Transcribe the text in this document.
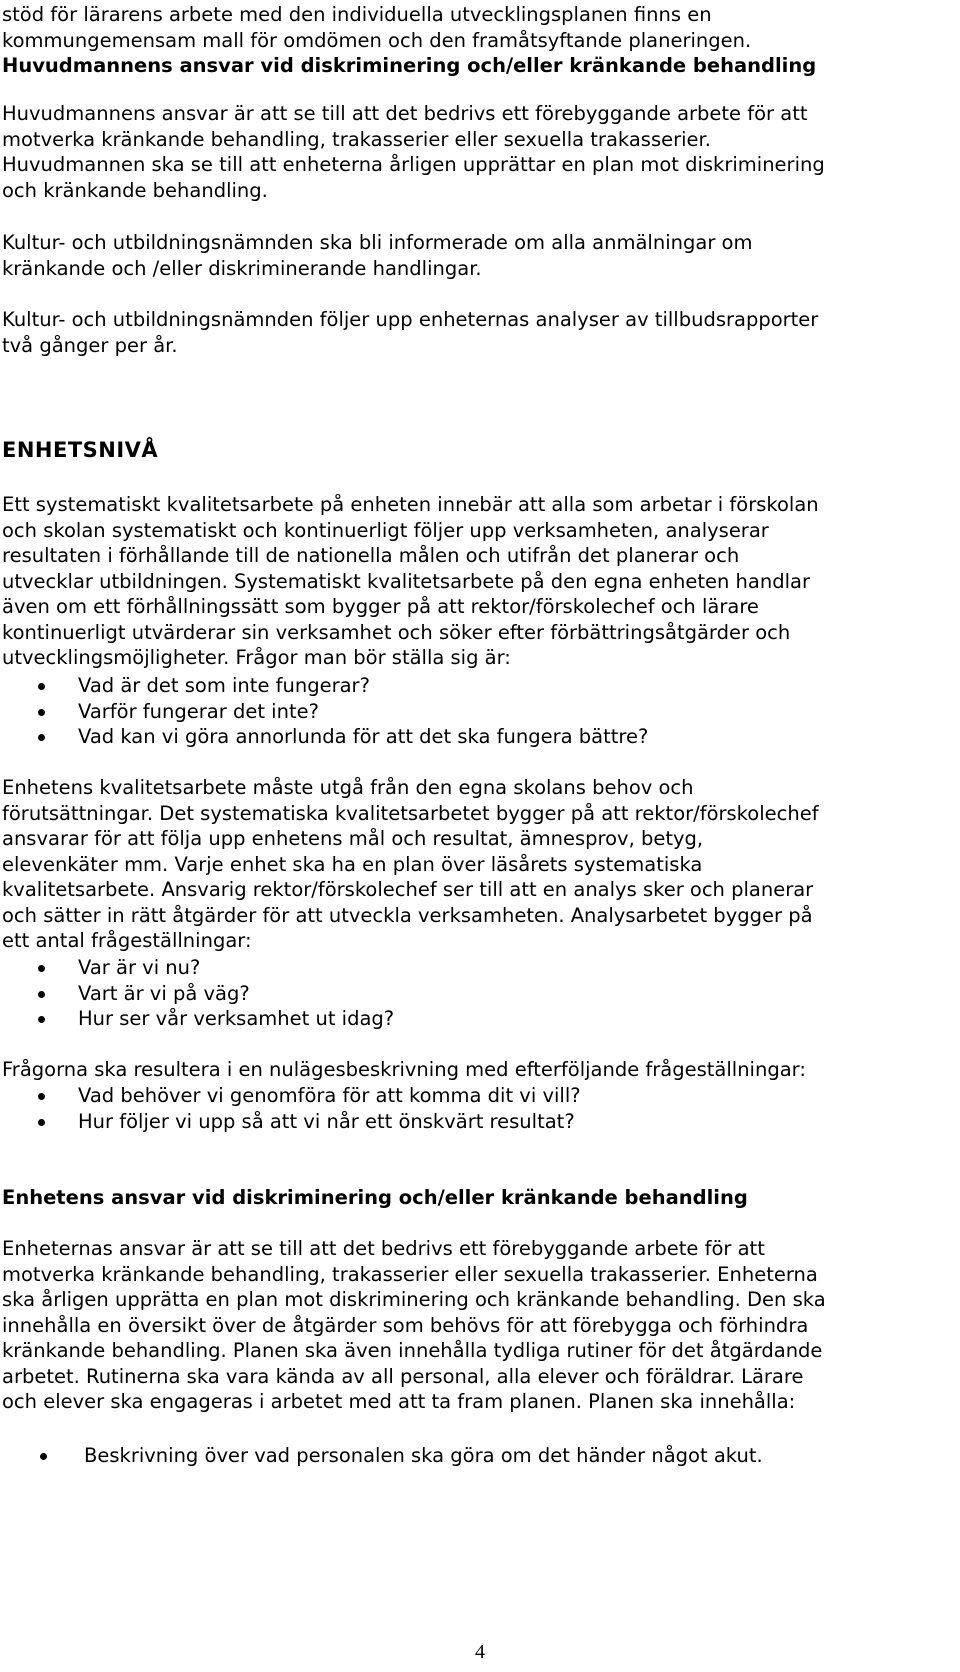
stöd för lärarens arbete med den individuella utvecklingsplanen finns en
kommungemensam mall för omdömen och den framåtsyftande planeringen.
Huvudmannens ansvar vid diskriminering och/eller kränkande behandling
Huvudmannens ansvar är att se till att det bedrivs ett förebyggande arbete för att
motverka kränkande behandling, trakasserier eller sexuella trakasserier.
Huvudmannen ska se till att enheterna årligen upprättar en plan mot diskriminering
och kränkande behandling.
Kultur- och utbildningsnämnden ska bli informerade om alla anmälningar om
kränkande och /eller diskriminerande handlingar.
Kultur- och utbildningsnämnden följer upp enheternas analyser av tillbudsrapporter
två gånger per år.
ENHETSNIVÅ
Ett systematiskt kvalitetsarbete på enheten innebär att alla som arbetar i förskolan
och skolan systematiskt och kontinuerligt följer upp verksamheten, analyserar
resultaten i förhållande till de nationella målen och utifrån det planerar och
utvecklar utbildningen. Systematiskt kvalitetsarbete på den egna enheten handlar
även om ett förhållningssätt som bygger på att rektor/förskolechef och lärare
kontinuerligt utvärderar sin verksamhet och söker efter förbättringsåtgärder och
utvecklingsmöjligheter. Frågor man bör ställa sig är:
Vad är det som inte fungerar?
Varför fungerar det inte?
Vad kan vi göra annorlunda för att det ska fungera bättre?
Enhetens kvalitetsarbete måste utgå från den egna skolans behov och
förutsättningar. Det systematiska kvalitetsarbetet bygger på att rektor/förskolechef
ansvarar för att följa upp enhetens mål och resultat, ämnesprov, betyg,
elevenkäter mm. Varje enhet ska ha en plan över läsårets systematiska
kvalitetsarbete. Ansvarig rektor/förskolechef ser till att en analys sker och planerar
och sätter in rätt åtgärder för att utveckla verksamheten. Analysarbetet bygger på
ett antal frågeställningar:
Var är vi nu?
Vart är vi på väg?
Hur ser vår verksamhet ut idag?
Frågorna ska resultera i en nulägesbeskrivning med efterföljande frågeställningar:
Vad behöver vi genomföra för att komma dit vi vill?
Hur följer vi upp så att vi når ett önskvärt resultat?
Enhetens ansvar vid diskriminering och/eller kränkande behandling
Enheternas ansvar är att se till att det bedrivs ett förebyggande arbete för att
motverka kränkande behandling, trakasserier eller sexuella trakasserier. Enheterna
ska årligen upprätta en plan mot diskriminering och kränkande behandling. Den ska
innehålla en översikt över de åtgärder som behövs för att förebygga och förhindra
kränkande behandling. Planen ska även innehålla tydliga rutiner för det åtgärdande
arbetet. Rutinerna ska vara kända av all personal, alla elever och föräldrar. Lärare
och elever ska engageras i arbetet med att ta fram planen. Planen ska innehålla:
Beskrivning över vad personalen ska göra om det händer något akut.
4
